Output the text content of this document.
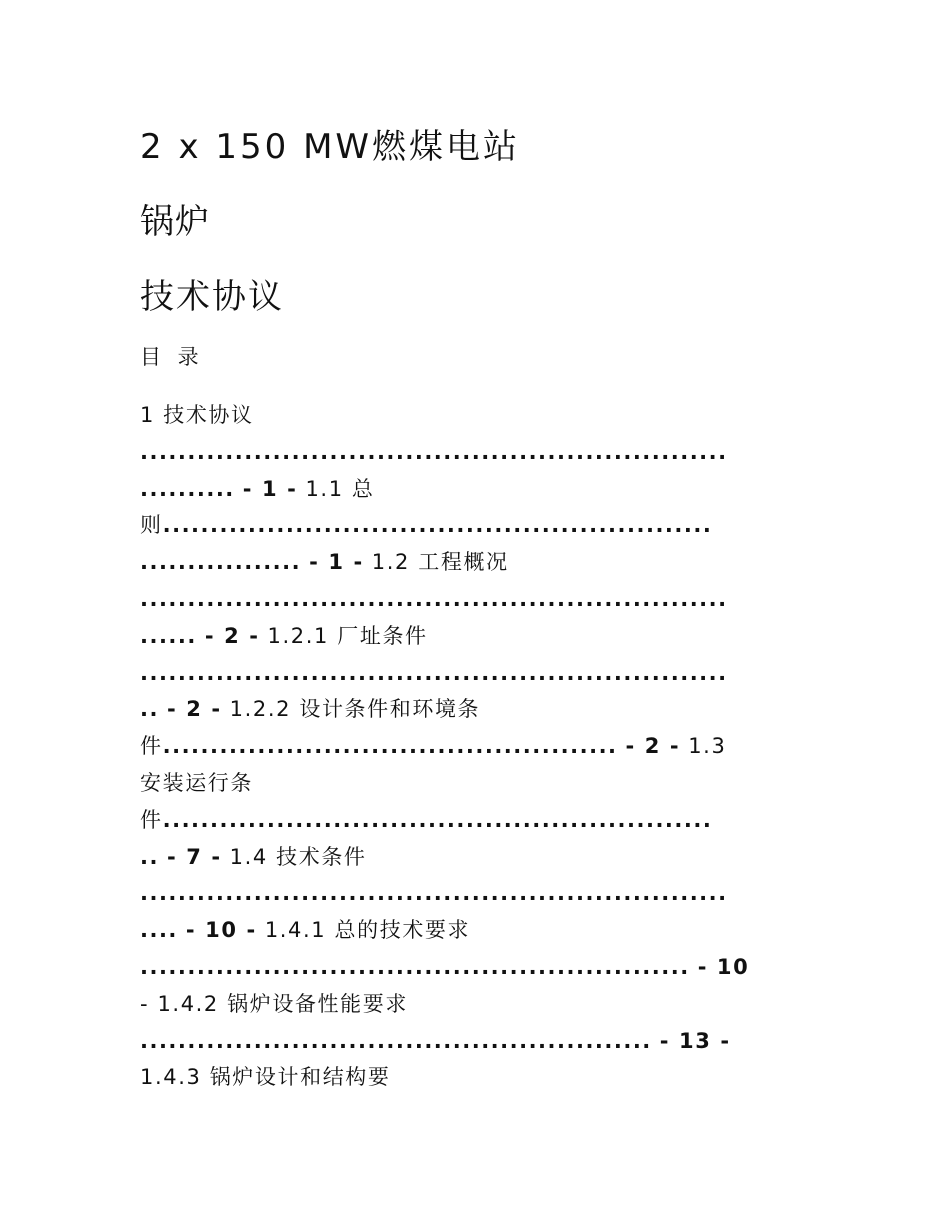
2 x 150 MW燃煤电站
锅炉
技术协议
目 录
1 技术协议
..............................................................
.......... - 1 - 1.1 总
则..........................................................
................. - 1 - 1.2 工程概况
..............................................................
...... - 2 - 1.2.1 厂址条件
..............................................................
.. - 2 - 1.2.2 设计条件和环境条
件................................................ - 2 - 1.3
安装运行条
件..........................................................
.. - 7 - 1.4 技术条件
..............................................................
.... - 10 - 1.4.1 总的技术要求
.......................................................... - 10
- 1.4.2 锅炉设备性能要求
...................................................... - 13 -
1.4.3 锅炉设计和结构要
